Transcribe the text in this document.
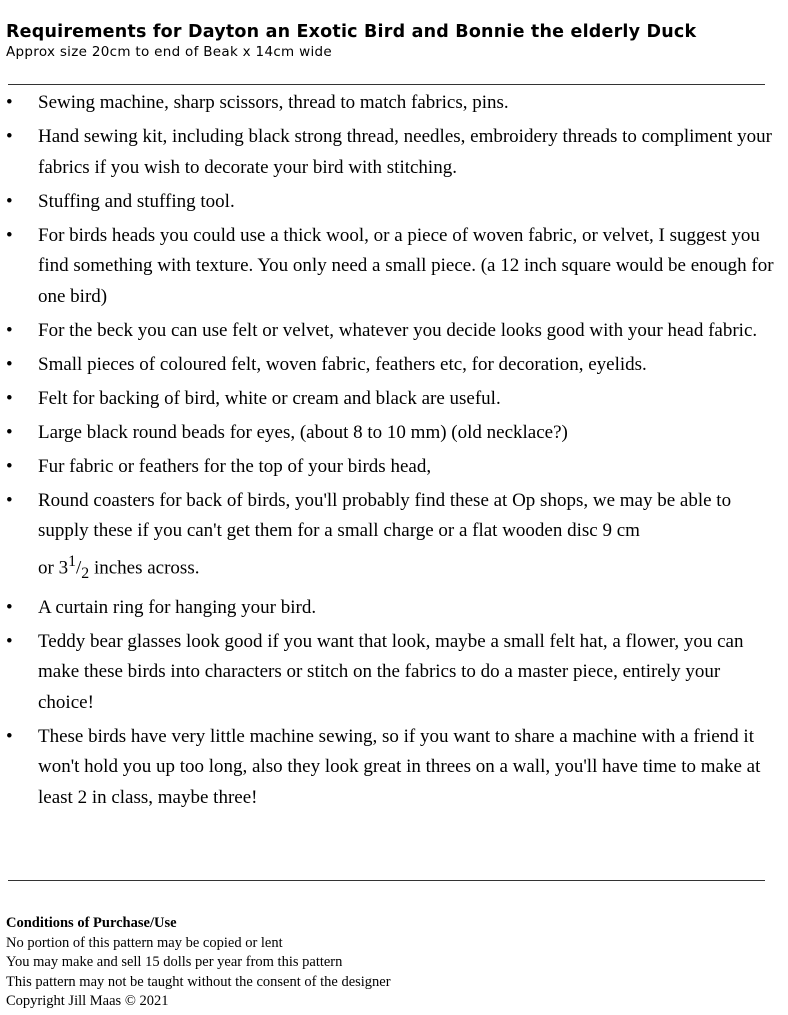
Requirements for Dayton an Exotic Bird and Bonnie the elderly Duck

Approx size 20cm to end of Beak x 14cm wide

• Sewing machine, sharp scissors, thread to match fabrics, pins.
• Hand sewing kit, including black strong thread, needles, embroidery threads to compliment your fabrics if you wish to decorate your bird with stitching.
• Stuffing and stuffing tool.
• For birds heads you could use a thick wool, or a piece of woven fabric, or velvet, I suggest you find something with texture. You only need a small piece. (a 12 inch square would be enough for one bird)
• For the beck you can use felt or velvet, whatever you decide looks good with your head fabric.
• Small pieces of coloured felt, woven fabric, feathers etc, for decoration, eyelids.
• Felt for backing of bird, white or cream and black are useful.
• Large black round beads for eyes, (about 8 to 10 mm) (old necklace?)
• Fur fabric or feathers for the top of your birds head,
• Round coasters for back of birds, you'll probably find these at Op shops, we may be able to supply these if you can't get them for a small charge or a flat wooden disc 9 cm
or $3^1/_2$ inches across.
• A curtain ring for hanging your bird.
• Teddy bear glasses look good if you want that look, maybe a small felt hat, a flower, you can make these birds into characters or stitch on the fabrics to do a master piece, entirely your choice!
• These birds have very little machine sewing, so if you want to share a machine with a friend it won't hold you up too long, also they look great in threes on a wall, you'll have time to make at least 2 in class, maybe three!
Conditions of Purchase/Use
No portion of this pattern may be copied or lent
You may make and sell 15 dolls per year from this pattern
This pattern may not be taught without the consent of the designer
Copyright Jill Maas © 2021
